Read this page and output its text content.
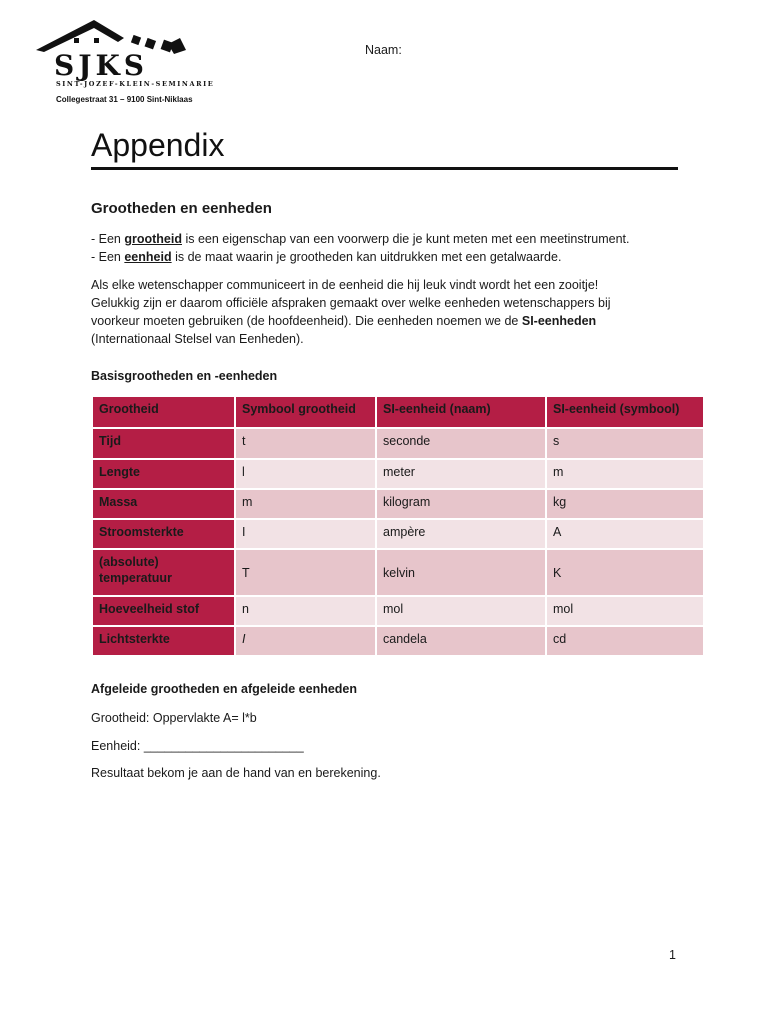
SJKS
SINT-JOZEF-KLEIN-SEMINARIE
Collegestraat 31 – 9100 Sint-Niklaas
Naam:
Appendix
Grootheden en eenheden

- Een grootheid is een eigenschap van een voorwerp die je kunt meten met een meetinstrument.

- Een eenheid is de maat waarin je grootheden kan uitdrukken met een getalwaarde.

Als elke wetenschapper communiceert in de eenheid die hij leuk vindt wordt het een zooitje!
Gelukkig zijn er daarom officiële afspraken gemaakt over welke eenheden wetenschappers bij
voorkeur moeten gebruiken (de hoofdeenheid). Die eenheden noemen we de SI-eenheden
(Internationaal Stelsel van Eenheden).
Basisgrootheden en -eenheden
Grootheid	Symbool grootheid	SI-eenheid (naam)	SI-eenheid (symbool)
Tijd	t	seconde	s
Lengte	l	meter	m
Massa	m	kilogram	kg
Stroomsterkte	I	ampère	A
(absolute) temperatuur	T	kelvin	K
Hoeveelheid stof	n	mol	mol
Lichtsterkte	I	candela	cd
Afgeleide grootheden en afgeleide eenheden

Grootheid: Oppervlakte A= l*b

Eenheid: _______________________

Resultaat bekom je aan de hand van en berekening.

1
